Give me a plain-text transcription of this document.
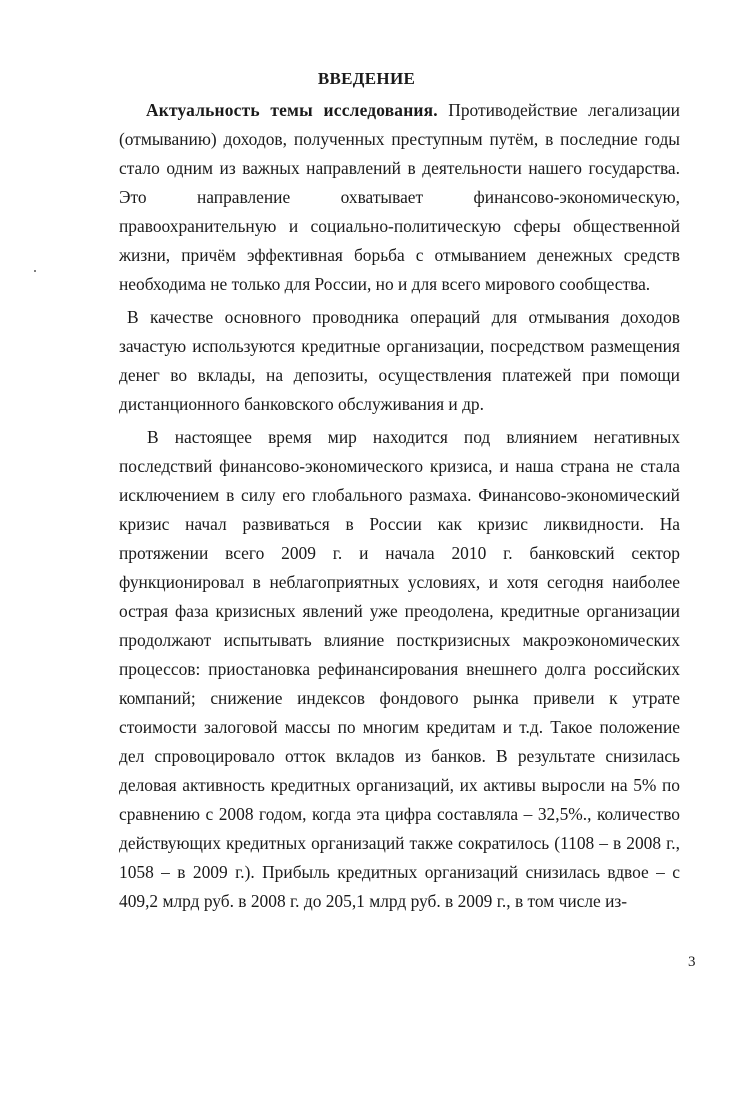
ВВЕДЕНИЕ

Актуальность темы исследования. Противодействие легализации (отмыванию) доходов, полученных преступным путём, в последние годы стало одним из важных направлений в деятельности нашего государства. Это направление охватывает финансово-экономическую, правоохранительную и социально-политическую сферы общественной жизни, причём эффективная борьба с отмыванием денежных средств необходима не только для России, но и для всего мирового сообщества.

В качестве основного проводника операций для отмывания доходов зачастую используются кредитные организации, посредством размещения денег во вклады, на депозиты, осуществления платежей при помощи дистанционного банковского обслуживания и др.

В настоящее время мир находится под влиянием негативных последствий финансово-экономического кризиса, и наша страна не стала исключением в силу его глобального размаха. Финансово-экономический кризис начал развиваться в России как кризис ликвидности. На протяжении всего 2009 г. и начала 2010 г. банковский сектор функционировал в неблагоприятных условиях, и хотя сегодня наиболее острая фаза кризисных явлений уже преодолена, кредитные организации продолжают испытывать влияние посткризисных макроэкономических процессов: приостановка рефинансирования внешнего долга российских компаний; снижение индексов фондового рынка привели к утрате стоимости залоговой массы по многим кредитам и т.д. Такое положение дел спровоцировало отток вкладов из банков. В результате снизилась деловая активность кредитных организаций, их активы выросли на 5% по сравнению с 2008 годом, когда эта цифра составляла – 32,5%., количество действующих кредитных организаций также сократилось (1108 – в 2008 г., 1058 – в 2009 г.). Прибыль кредитных организаций снизилась вдвое – с 409,2 млрд руб. в 2008 г. до 205,1 млрд руб. в 2009 г., в том числе из-

3
